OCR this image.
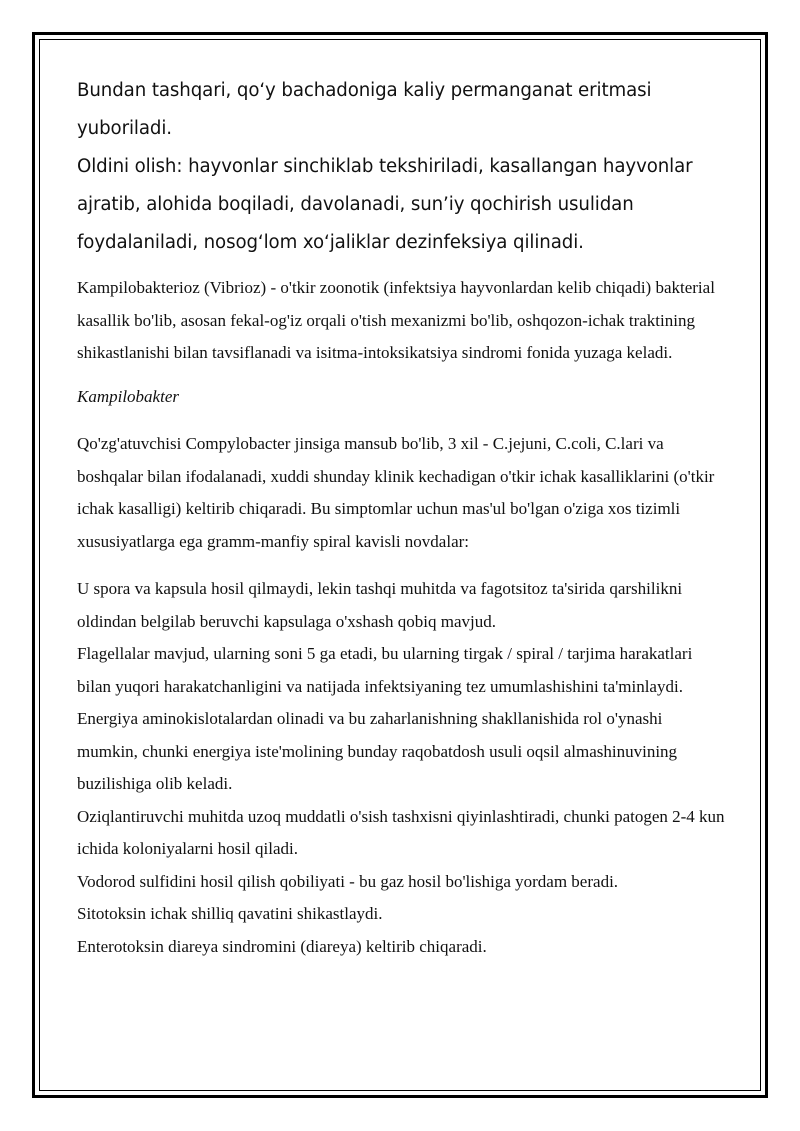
Bundan tashqari, qo‘y bachadoniga kaliy permanganat eritmasi
yuboriladi.
Oldini olish: hayvonlar sinchiklab tekshiriladi, kasallangan hayvonlar ajratib, alohida boqiladi, davolanadi, sun’iy qochirish usulidan foydalaniladi, nosog‘lom xo‘jaliklar dezinfeksiya qilinadi.

Kampilobakterioz (Vibrioz) - o'tkir zoonotik (infektsiya hayvonlardan kelib chiqadi) bakterial kasallik bo'lib, asosan fekal-og'iz orqali o'tish mexanizmi bo'lib, oshqozon-ichak traktining shikastlanishi bilan tavsiflanadi va isitma-intoksikatsiya sindromi fonida yuzaga keladi.

Kampilobakter

Qo'zg'atuvchisi Compylobacter jinsiga mansub bo'lib, 3 xil - C.jejuni, C.coli, C.lari va boshqalar bilan ifodalanadi, xuddi shunday klinik kechadigan o'tkir ichak kasalliklarini (o'tkir ichak kasalligi) keltirib chiqaradi. Bu simptomlar uchun mas'ul bo'lgan o'ziga xos tizimli xususiyatlarga ega gramm-manfiy spiral kavisli novdalar:

U spora va kapsula hosil qilmaydi, lekin tashqi muhitda va fagotsitoz ta'sirida qarshilikni oldindan belgilab beruvchi kapsulaga o'xshash qobiq mavjud.

Flagellalar mavjud, ularning soni 5 ga etadi, bu ularning tirgak / spiral / tarjima harakatlari bilan yuqori harakatchanligini va natijada infektsiyaning tez umumlashishini ta'minlaydi.

Energiya aminokislotalardan olinadi va bu zaharlanishning shakllanishida rol o'ynashi mumkin, chunki energiya iste'molining bunday raqobatdosh usuli oqsil almashinuvining buzilishiga olib keladi.

Oziqlantiruvchi muhitda uzoq muddatli o'sish tashxisni qiyinlashtiradi, chunki patogen 2-4 kun ichida koloniyalarni hosil qiladi.

Vodorod sulfidini hosil qilish qobiliyati - bu gaz hosil bo'lishiga yordam beradi.

Sitotoksin ichak shilliq qavatini shikastlaydi.

Enterotoksin diareya sindromini (diareya) keltirib chiqaradi.
